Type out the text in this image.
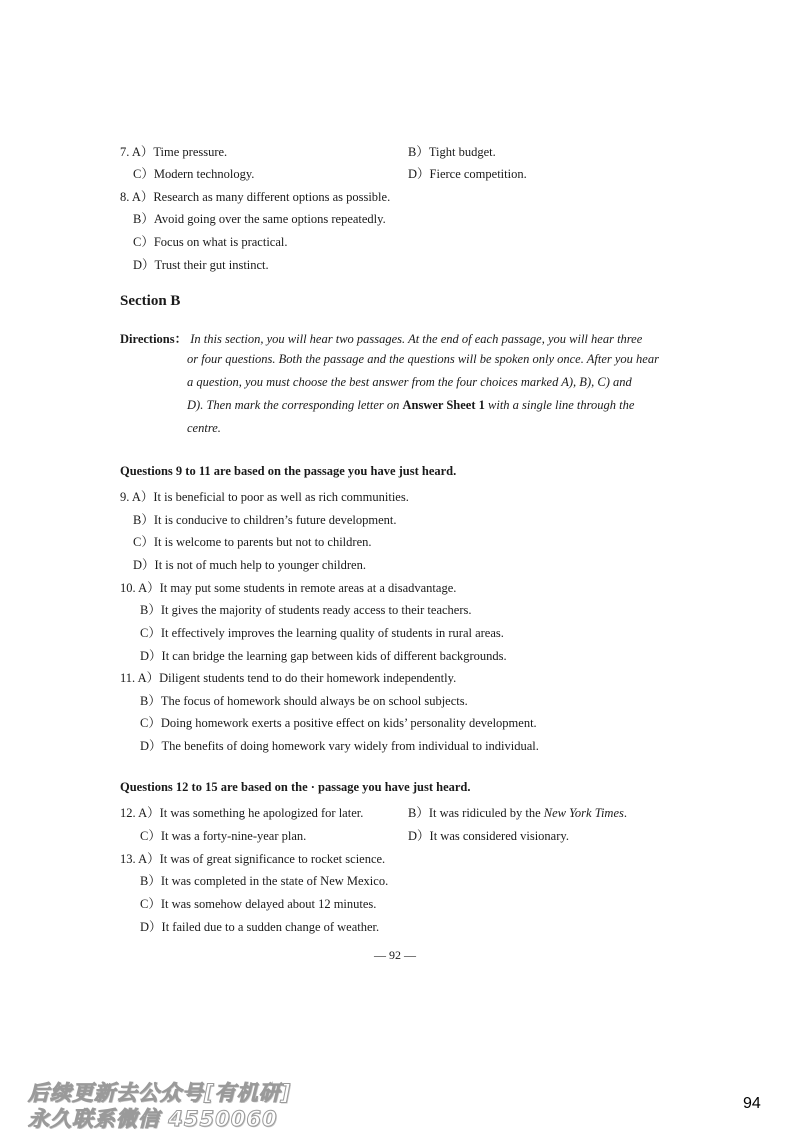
7. A）Time pressure.	B）Tight budget.
C）Modern technology.	D）Fierce competition.
8. A）Research as many different options as possible.
B）Avoid going over the same options repeatedly.
C）Focus on what is practical.
D）Trust their gut instinct.
Section B
Directions： In this section, you will hear two passages. At the end of each passage, you will hear three
or four questions. Both the passage and the questions will be spoken only once. After you hear
a question, you must choose the best answer from the four choices marked A), B), C) and
D). Then mark the corresponding letter on Answer Sheet 1 with a single line through the
centre.
Questions 9 to 11 are based on the passage you have just heard.
9. A）It is beneficial to poor as well as rich communities.
B）It is conducive to children’s future development.
C）It is welcome to parents but not to children.
D）It is not of much help to younger children.
10. A）It may put some students in remote areas at a disadvantage.
B）It gives the majority of students ready access to their teachers.
C）It effectively improves the learning quality of students in rural areas.
D）It can bridge the learning gap between kids of different backgrounds.
11. A）Diligent students tend to do their homework independently.
B）The focus of homework should always be on school subjects.
C）Doing homework exerts a positive effect on kids’ personality development.
D）The benefits of doing homework vary widely from individual to individual.
Questions 12 to 15 are based on the · passage you have just heard.
12. A）It was something he apologized for later.	B）It was ridiculed by the New York Times.
C）It was a forty-nine-year plan.	D）It was considered visionary.
13. A）It was of great significance to rocket science.
B）It was completed in the state of New Mexico.
C）It was somehow delayed about 12 minutes.
D）It failed due to a sudden change of weather.
— 92 —
后续更新去公众号[有机研]
永久联系微信 4550060
94
